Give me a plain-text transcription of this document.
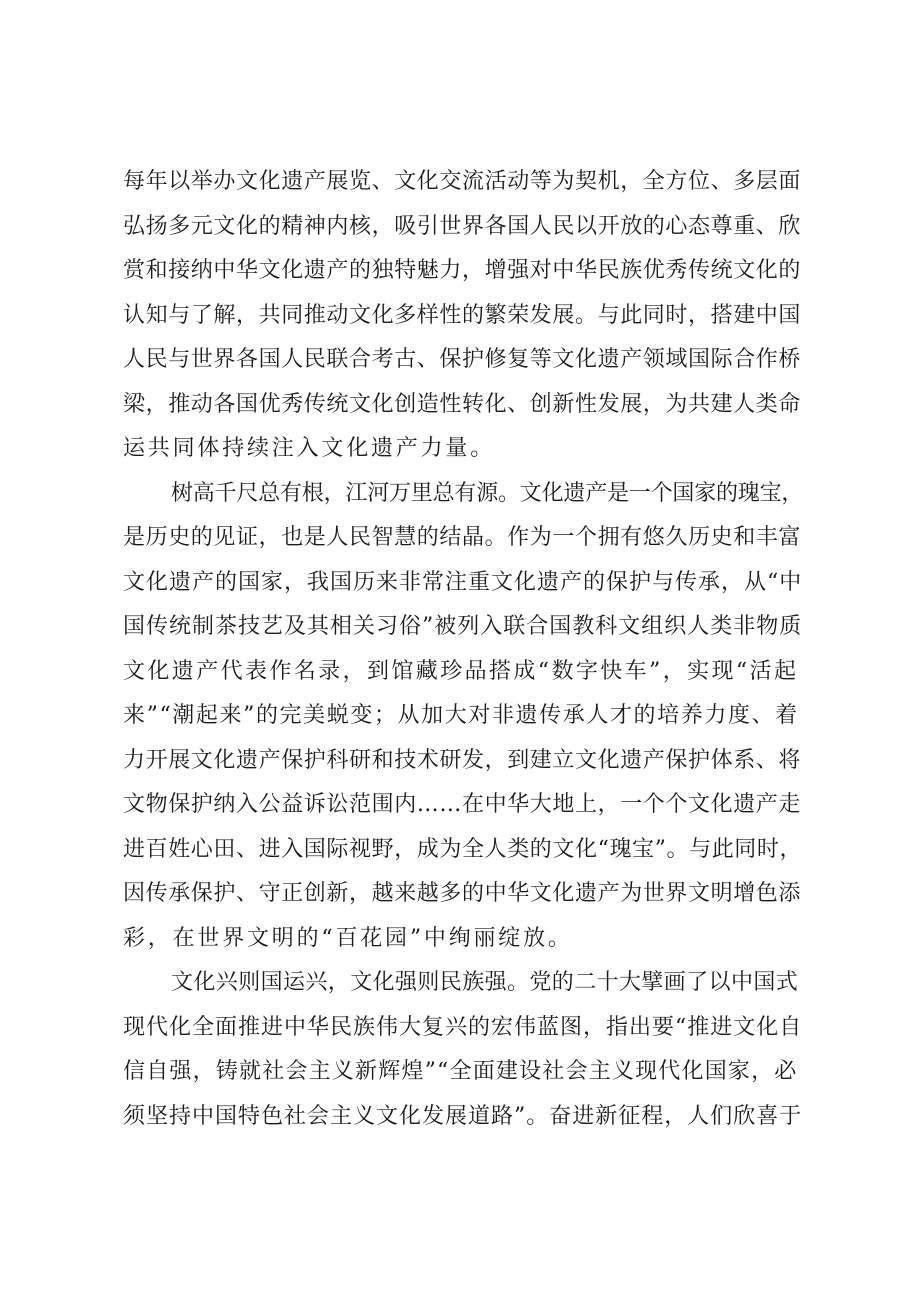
每年以举办文化遗产展览、文化交流活动等为契机，全方位、多层面
弘扬多元文化的精神内核，吸引世界各国人民以开放的心态尊重、欣
赏和接纳中华文化遗产的独特魅力，增强对中华民族优秀传统文化的
认知与了解，共同推动文化多样性的繁荣发展。与此同时，搭建中国
人民与世界各国人民联合考古、保护修复等文化遗产领域国际合作桥
梁，推动各国优秀传统文化创造性转化、创新性发展，为共建人类命
运共同体持续注入文化遗产力量。
树高千尺总有根，江河万里总有源。文化遗产是一个国家的瑰宝，
是历史的见证，也是人民智慧的结晶。作为一个拥有悠久历史和丰富
文化遗产的国家，我国历来非常注重文化遗产的保护与传承，从“中
国传统制茶技艺及其相关习俗”被列入联合国教科文组织人类非物质
文化遗产代表作名录，到馆藏珍品搭成“数字快车”，实现“活起
来”“潮起来”的完美蜕变；从加大对非遗传承人才的培养力度、着
力开展文化遗产保护科研和技术研发，到建立文化遗产保护体系、将
文物保护纳入公益诉讼范围内……在中华大地上，一个个文化遗产走
进百姓心田、进入国际视野，成为全人类的文化“瑰宝”。与此同时，
因传承保护、守正创新，越来越多的中华文化遗产为世界文明增色添
彩，在世界文明的“百花园”中绚丽绽放。
文化兴则国运兴，文化强则民族强。党的二十大擘画了以中国式
现代化全面推进中华民族伟大复兴的宏伟蓝图，指出要“推进文化自
信自强，铸就社会主义新辉煌”“全面建设社会主义现代化国家，必
须坚持中国特色社会主义文化发展道路”。奋进新征程，人们欣喜于
